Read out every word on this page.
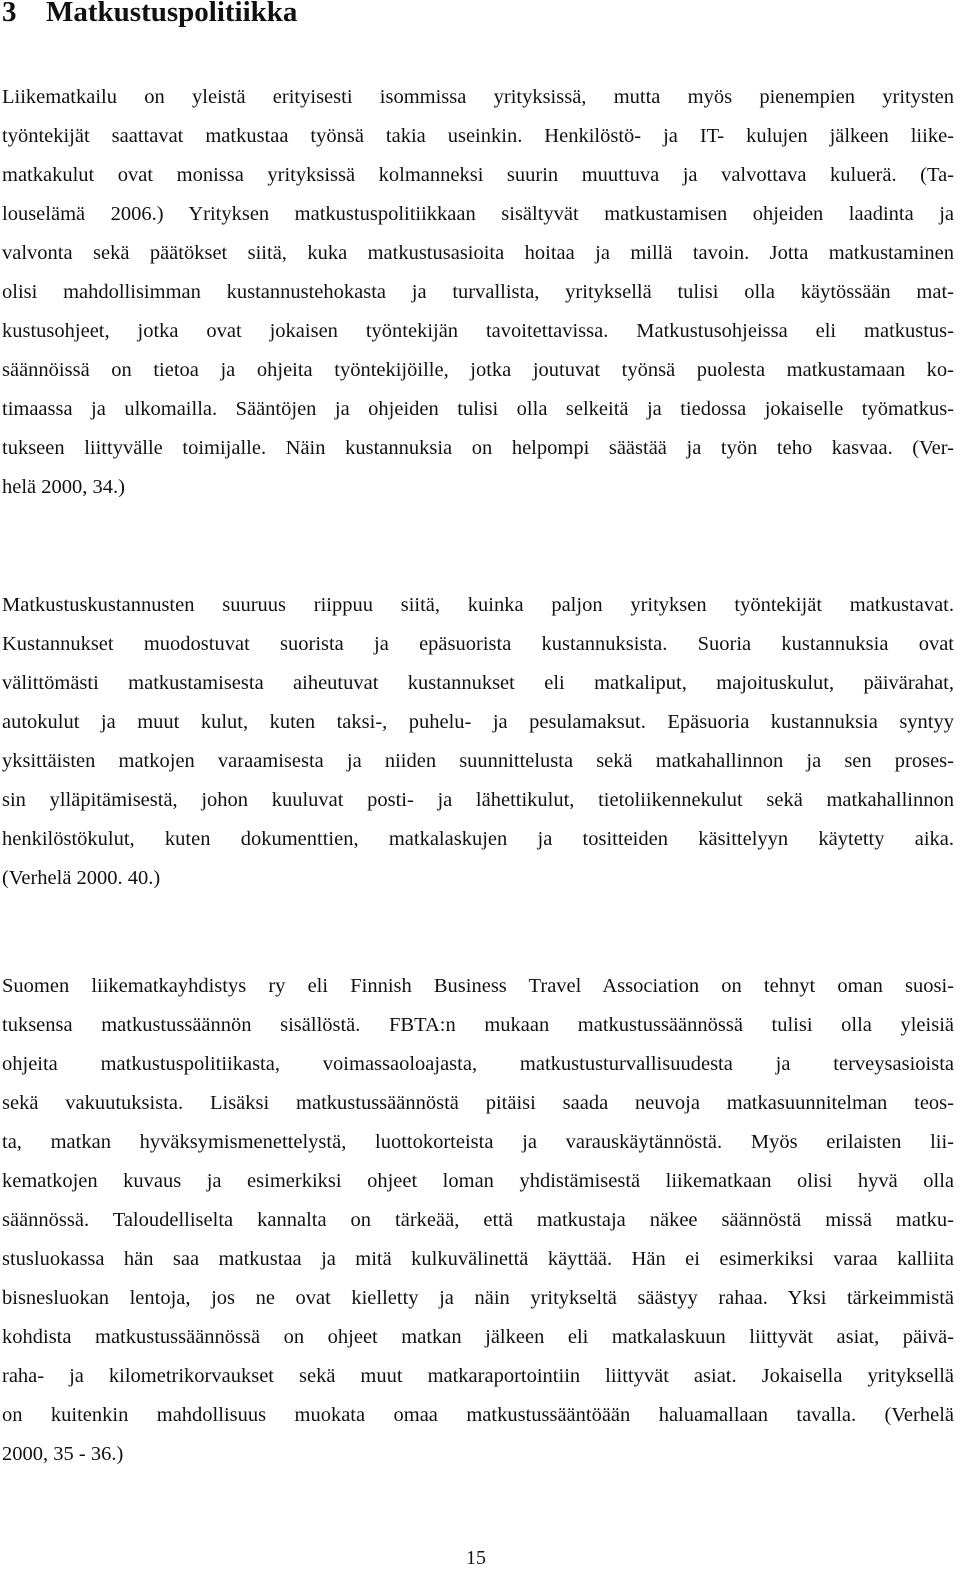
3 Matkustuspolitiikka
Liikematkailu on yleistä erityisesti isommissa yrityksissä, mutta myös pienempien yritysten
työntekijät saattavat matkustaa työnsä takia useinkin. Henkilöstö- ja IT- kulujen jälkeen liike-
matkakulut ovat monissa yrityksissä kolmanneksi suurin muuttuva ja valvottava kuluerä. (Ta-
louselämä 2006.) Yrityksen matkustuspolitiikkaan sisältyvät matkustamisen ohjeiden laadinta ja
valvonta sekä päätökset siitä, kuka matkustusasioita hoitaa ja millä tavoin. Jotta matkustaminen
olisi mahdollisimman kustannustehokasta ja turvallista, yrityksellä tulisi olla käytössään mat-
kustusohjeet, jotka ovat jokaisen työntekijän tavoitettavissa. Matkustusohjeissa eli matkustus-
säännöissä on tietoa ja ohjeita työntekijöille, jotka joutuvat työnsä puolesta matkustamaan ko-
timaassa ja ulkomailla. Sääntöjen ja ohjeiden tulisi olla selkeitä ja tiedossa jokaiselle työmatkus-
tukseen liittyvälle toimijalle. Näin kustannuksia on helpompi säästää ja työn teho kasvaa. (Ver-
helä 2000, 34.)
Matkustuskustannusten suuruus riippuu siitä, kuinka paljon yrityksen työntekijät matkustavat.
Kustannukset muodostuvat suorista ja epäsuorista kustannuksista. Suoria kustannuksia ovat
välittömästi matkustamisesta aiheutuvat kustannukset eli matkaliput, majoituskulut, päivärahat,
autokulut ja muut kulut, kuten taksi-, puhelu- ja pesulamaksut. Epäsuoria kustannuksia syntyy
yksittäisten matkojen varaamisesta ja niiden suunnittelusta sekä matkahallinnon ja sen proses-
sin ylläpitämisestä, johon kuuluvat posti- ja lähettikulut, tietoliikennekulut sekä matkahallinnon
henkilöstökulut, kuten dokumenttien, matkalaskujen ja tositteiden käsittelyyn käytetty aika.
(Verhelä 2000. 40.)
Suomen liikematkayhdistys ry eli Finnish Business Travel Association on tehnyt oman suosi-
tuksensa matkustussäännön sisällöstä. FBTA:n mukaan matkustussäännössä tulisi olla yleisiä
ohjeita matkustuspolitiikasta, voimassaoloajasta, matkustusturvallisuudesta ja terveysasioista
sekä vakuutuksista. Lisäksi matkustussäännöstä pitäisi saada neuvoja matkasuunnitelman teos-
ta, matkan hyväksymismenettelystä, luottokorteista ja varauskäytännöstä. Myös erilaisten lii-
kematkojen kuvaus ja esimerkiksi ohjeet loman yhdistämisestä liikematkaan olisi hyvä olla
säännössä. Taloudelliselta kannalta on tärkeää, että matkustaja näkee säännöstä missä matku-
stusluokassa hän saa matkustaa ja mitä kulkuvälinettä käyttää. Hän ei esimerkiksi varaa kalliita
bisnesluokan lentoja, jos ne ovat kielletty ja näin yritykseltä säästyy rahaa. Yksi tärkeimmistä
kohdista matkustussäännössä on ohjeet matkan jälkeen eli matkalaskuun liittyvät asiat, päivä-
raha- ja kilometrikorvaukset sekä muut matkaraportointiin liittyvät asiat. Jokaisella yrityksellä
on kuitenkin mahdollisuus muokata omaa matkustussääntöään haluamallaan tavalla. (Verhelä
2000, 35 - 36.)
15
